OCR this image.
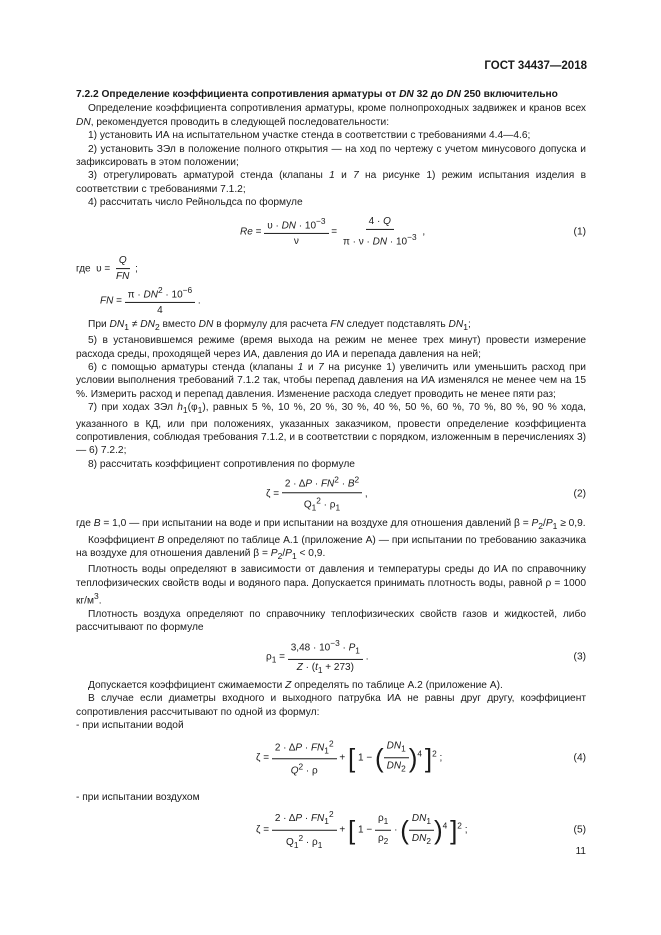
ГОСТ 34437—2018

7.2.2 Определение коэффициента сопротивления арматуры от DN 32 до DN 250 включительно

Определение коэффициента сопротивления арматуры, кроме полнопроходных задвижек и кранов всех DN, рекомендуется проводить в следующей последовательности:

1) установить ИА на испытательном участке стенда в соответствии с требованиями 4.4—4.6;

2) установить ЗЭл в положение полного открытия — на ход по чертежу с учетом минусового допуска и зафиксировать в этом положении;

3) отрегулировать арматурой стенда (клапаны 1 и 7 на рисунке 1) режим испытания изделия в соответствии с требованиями 7.1.2;

4) рассчитать число Рейнольдса по формуле

$Re = \frac{\upsilon \cdot DN \cdot 10^{-3}}{\nu} = \frac{4 \cdot Q}{\pi \cdot \nu \cdot DN \cdot 10^{-3}}$ ,	(1)
где  $\upsilon = \frac{Q}{FN}$ ;
FN = $\frac{\pi \cdot DN^2 \cdot 10^{-6}}{4}$ .

При $DN_1 \ne DN_2$ вместо DN в формулу для расчета FN следует подставлять $DN_1$;

5) в установившемся режиме (время выхода на режим не менее трех минут) провести измерение расхода среды, проходящей через ИА, давления до ИА и перепада давления на ней;

6) с помощью арматуры стенда (клапаны 1 и 7 на рисунке 1) увеличить или уменьшить расход при условии выполнения требований 7.1.2 так, чтобы перепад давления на ИА изменялся не менее чем на 15 %. Измерить расход и перепад давления. Изменение расхода следует проводить не менее пяти раз;

7) при ходах ЗЭл $h_1(\varphi_1)$, равных 5 %, 10 %, 20 %, 30 %, 40 %, 50 %, 60 %, 70 %, 80 %, 90 % хода, указанного в КД, или при положениях, указанных заказчиком, провести определение коэффициента сопротивления, соблюдая требования 7.1.2, и в соответствии с порядком, изложенным в перечислениях 3) — 6) 7.2.2;

8) рассчитать коэффициент сопротивления по формуле

$\zeta = \frac{2 \cdot \Delta P \cdot FN^2 \cdot B^2}{Q_1^2 \cdot \rho_1}$ ,	(2)

где B = 1,0 — при испытании на воде и при испытании на воздухе для отношения давлений $\beta = P_2/P_1 \ge 0,9$.

Коэффициент B определяют по таблице А.1 (приложение А) — при испытании по требованию заказчика на воздухе для отношения давлений $\beta = P_2/P_1 < 0,9$.

Плотность воды определяют в зависимости от давления и температуры среды до ИА по справочнику теплофизических свойств воды и водяного пара. Допускается принимать плотность воды, равной ρ = 1000 $кг/м^3$.

Плотность воздуха определяют по справочнику теплофизических свойств газов и жидкостей, либо рассчитывают по формуле

$\rho_1 = \frac{3,48 \cdot 10^{-3} \cdot P_1}{Z \cdot (t_1 + 273)}$ .	(3)

Допускается коэффициент сжимаемости Z определять по таблице А.2 (приложение А).

В случае если диаметры входного и выходного патрубка ИА не равны друг другу, коэффициент сопротивления рассчитывают по одной из формул:

- при испытании водой

$\zeta = \frac{2 \cdot \Delta P \cdot FN_1^2}{Q^2 \cdot \rho}$ + [ 1 − ( $\frac{DN_1}{DN_2} )^4$ ]$^2$ ;	(4)

- при испытании воздухом

$\zeta = \frac{2 \cdot \Delta P \cdot FN_1^2}{Q_1^2 \cdot \rho_1}$ + [ $1 - \frac{\rho_1}{\rho_2}$ · ( $\frac{DN_1}{DN_2} )^4$ ]$^2$ ;	(5)
11
